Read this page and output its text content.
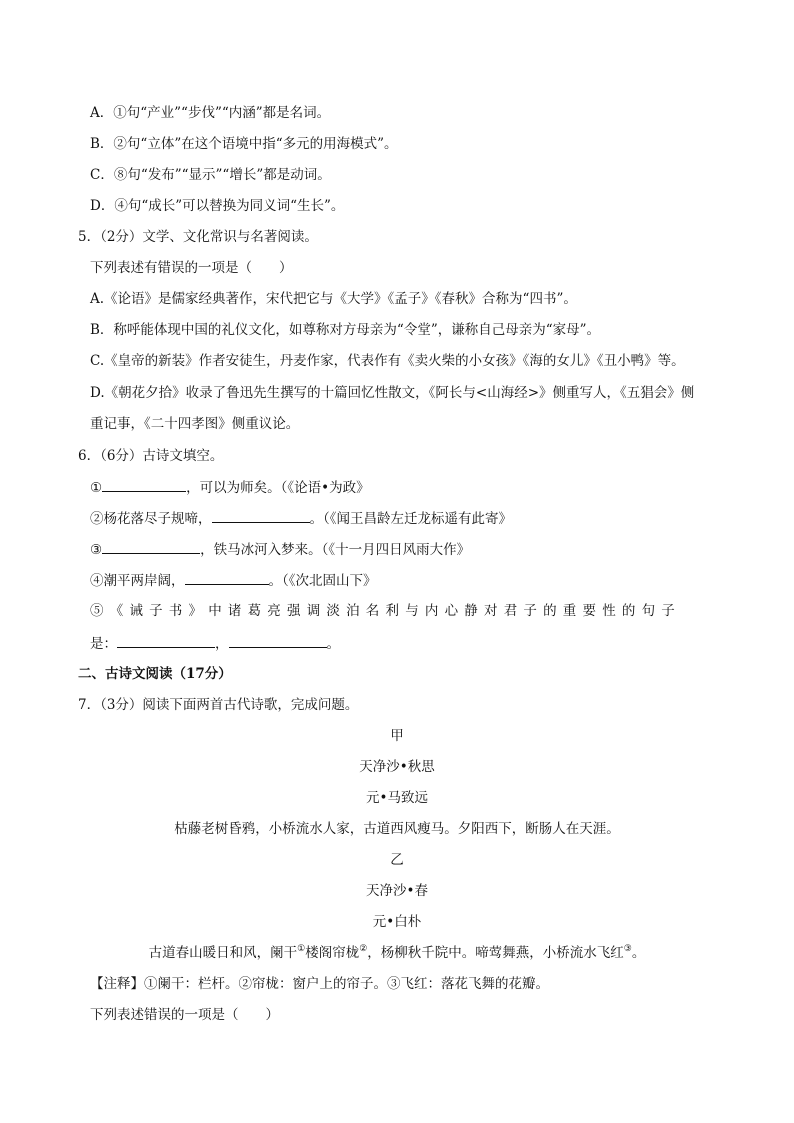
A．①句“产业”“步伐”“内涵”都是名词。
B．②句“立体”在这个语境中指“多元的用海模式”。
C．⑧句“发布”“显示”“增长”都是动词。
D．④句“成长”可以替换为同义词“生长”。
5．（2分）文学、文化常识与名著阅读。
下列表述有错误的一项是（　　）
A.《论语》是儒家经典著作，宋代把它与《大学》《孟子》《春秋》合称为“四书”。
B．称呼能体现中国的礼仪文化，如尊称对方母亲为“令堂”，谦称自己母亲为“家母”。
C.《皇帝的新装》作者安徒生，丹麦作家，代表作有《卖火柴的小女孩》《海的女儿》《丑小鸭》等。
D.《朝花夕拾》收录了鲁迅先生撰写的十篇回忆性散文，《阿长与<山海经>》侧重写人，《五猖会》侧
重记事，《二十四孝图》侧重议论。
6．（6分）古诗文填空。
①	，可以为师矣。（《论语•为政》
②杨花落尽子规啼，	。（《闻王昌龄左迁龙标遥有此寄》
③	，铁马冰河入梦来。（《十一月四日风雨大作》
④潮平两岸阔，	。（《次北固山下》
⑤《诫子书》中诸葛亮强调淡泊名利与内心静对君子的重要性的句子
是：	，	。
二、古诗文阅读（17分）
7．（3分）阅读下面两首古代诗歌，完成问题。
甲
天净沙•秋思
元•马致远
枯藤老树昏鸦，小桥流水人家，古道西风瘦马。夕阳西下，断肠人在天涯。
乙
天净沙•春
元•白朴
古道春山暖日和风，阑干①楼阁帘栊②，杨柳秋千院中。啼莺舞燕，小桥流水飞红③。
【注释】①阑干：栏杆。②帘栊：窗户上的帘子。③飞红：落花飞舞的花瓣。
下列表述错误的一项是（　　）
